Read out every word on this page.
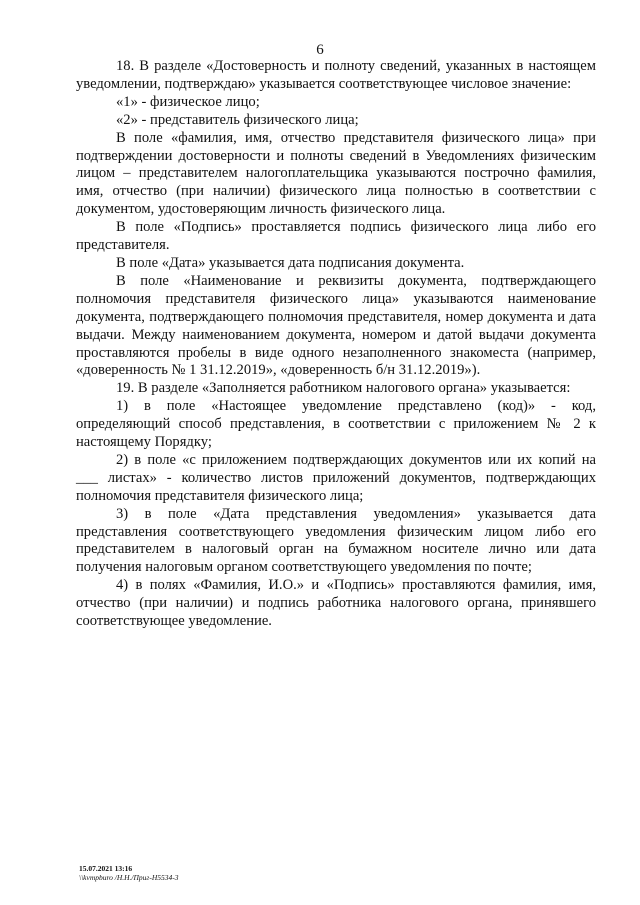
6

18. В разделе «Достоверность и полноту сведений, указанных в настоящем уведомлении, подтверждаю» указывается соответствующее числовое значение:

«1» - физическое лицо;

«2» - представитель физического лица;

В поле «фамилия, имя, отчество представителя физического лица» при подтверждении достоверности и полноты сведений в Уведомлениях физическим лицом – представителем налогоплательщика указываются построчно фамилия, имя, отчество (при наличии) физического лица полностью в соответствии с документом, удостоверяющим личность физического лица.

В поле «Подпись» проставляется подпись физического лица либо его представителя.

В поле «Дата» указывается дата подписания документа.

В поле «Наименование и реквизиты документа, подтверждающего полномочия представителя физического лица» указываются наименование документа, подтверждающего полномочия представителя, номер документа и дата выдачи. Между наименованием документа, номером и датой выдачи документа проставляются пробелы в виде одного незаполненного знакоместа (например, «доверенность № 1 31.12.2019», «доверенность б/н 31.12.2019»).

19. В разделе «Заполняется работником налогового органа» указывается:

1) в поле «Настоящее уведомление представлено (код)» - код, определяющий способ представления, в соответствии с приложением № 2 к настоящему Порядку;

2) в поле «с приложением подтверждающих документов или их копий на ___ листах» - количество листов приложений документов, подтверждающих полномочия представителя физического лица;

3) в поле «Дата представления уведомления» указывается дата представления соответствующего уведомления физическим лицом либо его представителем в налоговый орган на бумажном носителе лично или дата получения налоговым органом соответствующего уведомления по почте;

4) в полях «Фамилия, И.О.» и «Подпись» проставляются фамилия, имя, отчество (при наличии) и подпись работника налогового органа, принявшего соответствующее уведомление.

15.07.2021 13:16
\\kvmpburo /Н.Н./Приг-Н5534-3
